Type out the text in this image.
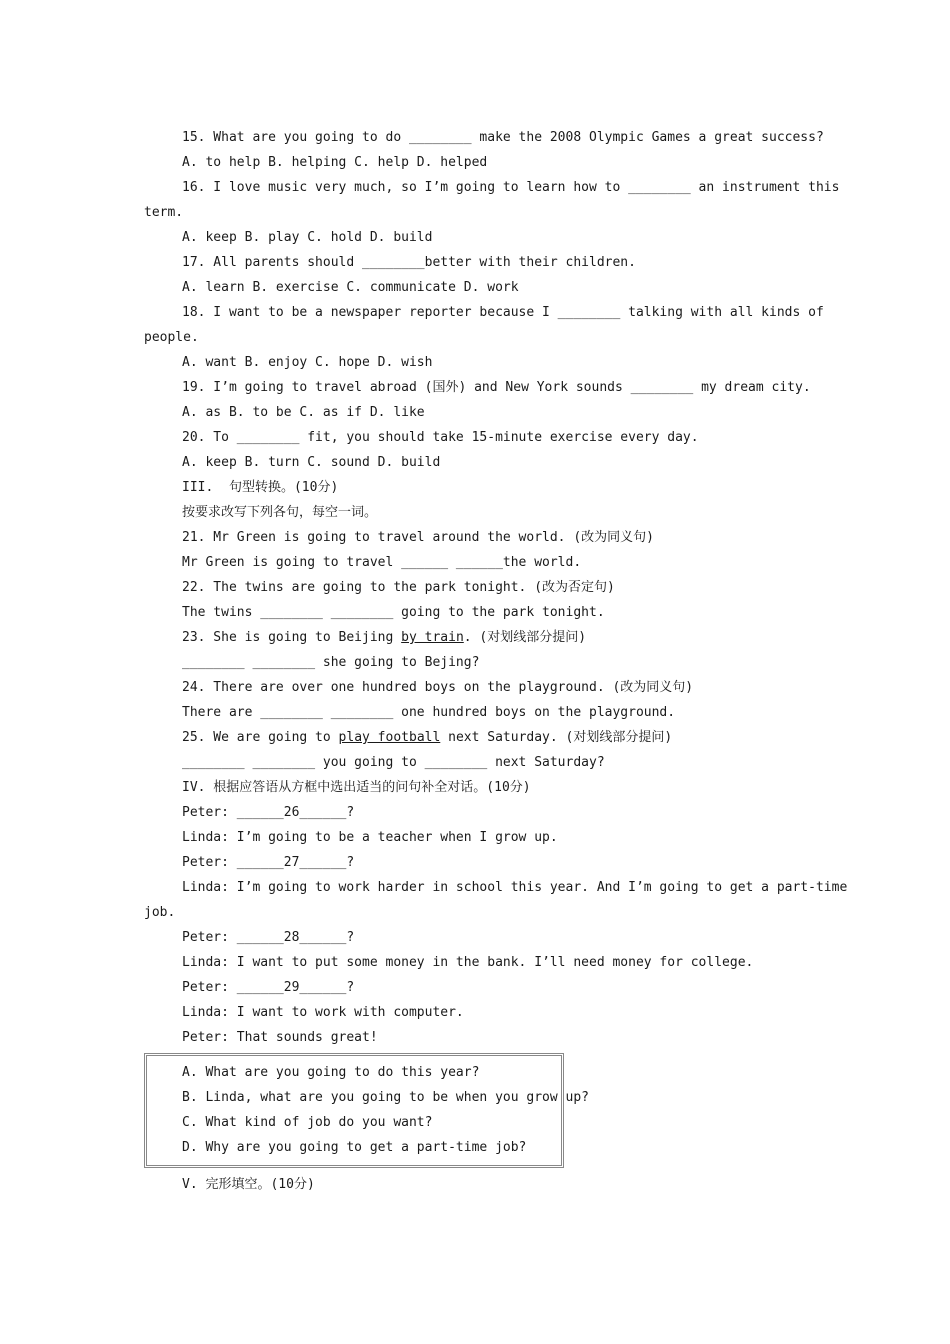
15. What are you going to do ________ make the 2008 Olympic Games a great success?
A. to help B. helping C. help D. helped
16. I love music very much, so I’m going to learn how to ________ an instrument this
term.
A. keep B. play C. hold D. build
17. All parents should ________better with their children.
A. learn B. exercise C. communicate D. work
18. I want to be a newspaper reporter because I ________ talking with all kinds of
people.
A. want B. enjoy C. hope D. wish
19. I’m going to travel abroad (国外) and New York sounds ________ my dream city.
A. as B. to be C. as if D. like
20. To ________ fit, you should take 15-minute exercise every day.
A. keep B. turn C. sound D. build
III.  句型转换。(10分)
按要求改写下列各句，每空一词。
21. Mr Green is going to travel around the world. (改为同义句)
Mr Green is going to travel ______ ______the world.
22. The twins are going to the park tonight. (改为否定句)
The twins ________ ________ going to the park tonight.
23. She is going to Beijing by train. (对划线部分提问)
________ ________ she going to Bejing?
24. There are over one hundred boys on the playground. (改为同义句)
There are ________ ________ one hundred boys on the playground.
25. We are going to play football next Saturday. (对划线部分提问)
________ ________ you going to ________ next Saturday?
IV. 根据应答语从方框中选出适当的问句补全对话。(10分)
Peter: ______26______?
Linda: I’m going to be a teacher when I grow up.
Peter: ______27______?
Linda: I’m going to work harder in school this year. And I’m going to get a part-time
job.
Peter: ______28______?
Linda: I want to put some money in the bank. I’ll need money for college.
Peter: ______29______?
Linda: I want to work with computer.
Peter: That sounds great!
A. What are you going to do this year?
B. Linda, what are you going to be when you grow up?
C. What kind of job do you want?
D. Why are you going to get a part-time job?
V. 完形填空。(10分)
